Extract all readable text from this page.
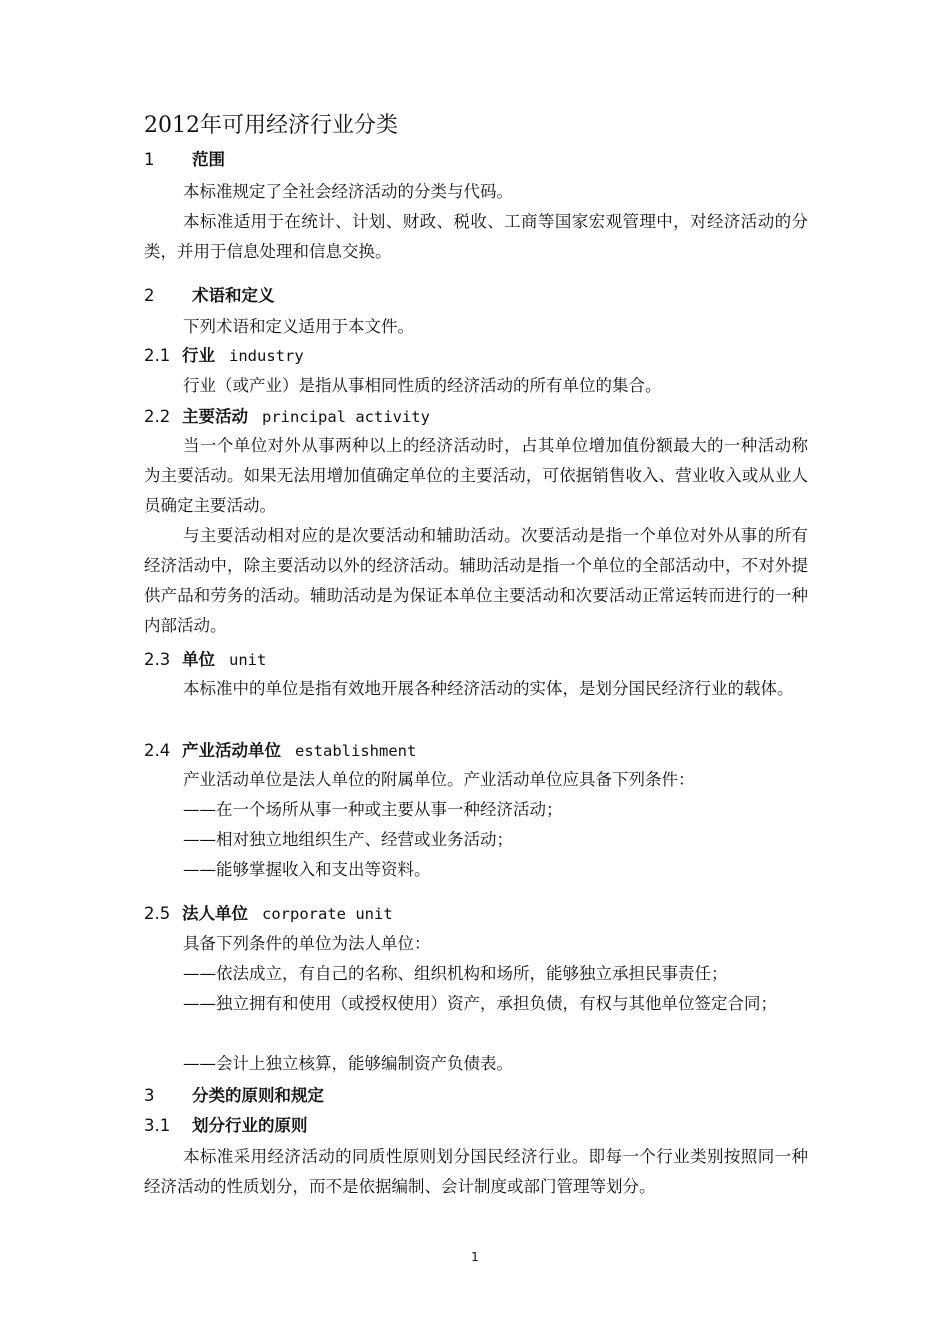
2012年可用经济行业分类
1 范围

本标准规定了全社会经济活动的分类与代码。

本标准适用于在统计、计划、财政、税收、工商等国家宏观管理中，对经济活动的分类，并用于信息处理和信息交换。

2 术语和定义

下列术语和定义适用于本文件。

2.1 行业 industry

行业（或产业）是指从事相同性质的经济活动的所有单位的集合。

2.2 主要活动 principal activity

当一个单位对外从事两种以上的经济活动时，占其单位增加值份额最大的一种活动称为主要活动。如果无法用增加值确定单位的主要活动，可依据销售收入、营业收入或从业人员确定主要活动。

与主要活动相对应的是次要活动和辅助活动。次要活动是指一个单位对外从事的所有经济活动中，除主要活动以外的经济活动。辅助活动是指一个单位的全部活动中，不对外提供产品和劳务的活动。辅助活动是为保证本单位主要活动和次要活动正常运转而进行的一种内部活动。

2.3 单位 unit

本标准中的单位是指有效地开展各种经济活动的实体，是划分国民经济行业的载体。

2.4 产业活动单位 establishment

产业活动单位是法人单位的附属单位。产业活动单位应具备下列条件：

——在一个场所从事一种或主要从事一种经济活动；
——相对独立地组织生产、经营或业务活动；
——能够掌握收入和支出等资料。
2.5 法人单位 corporate unit

具备下列条件的单位为法人单位：

——依法成立，有自己的名称、组织机构和场所，能够独立承担民事责任；

——独立拥有和使用（或授权使用）资产，承担负债，有权与其他单位签定合同；

——会计上独立核算，能够编制资产负债表。

3 分类的原则和规定
3.1 划分行业的原则

本标准采用经济活动的同质性原则划分国民经济行业。即每一个行业类别按照同一种经济活动的性质划分，而不是依据编制、会计制度或部门管理等划分。

1
